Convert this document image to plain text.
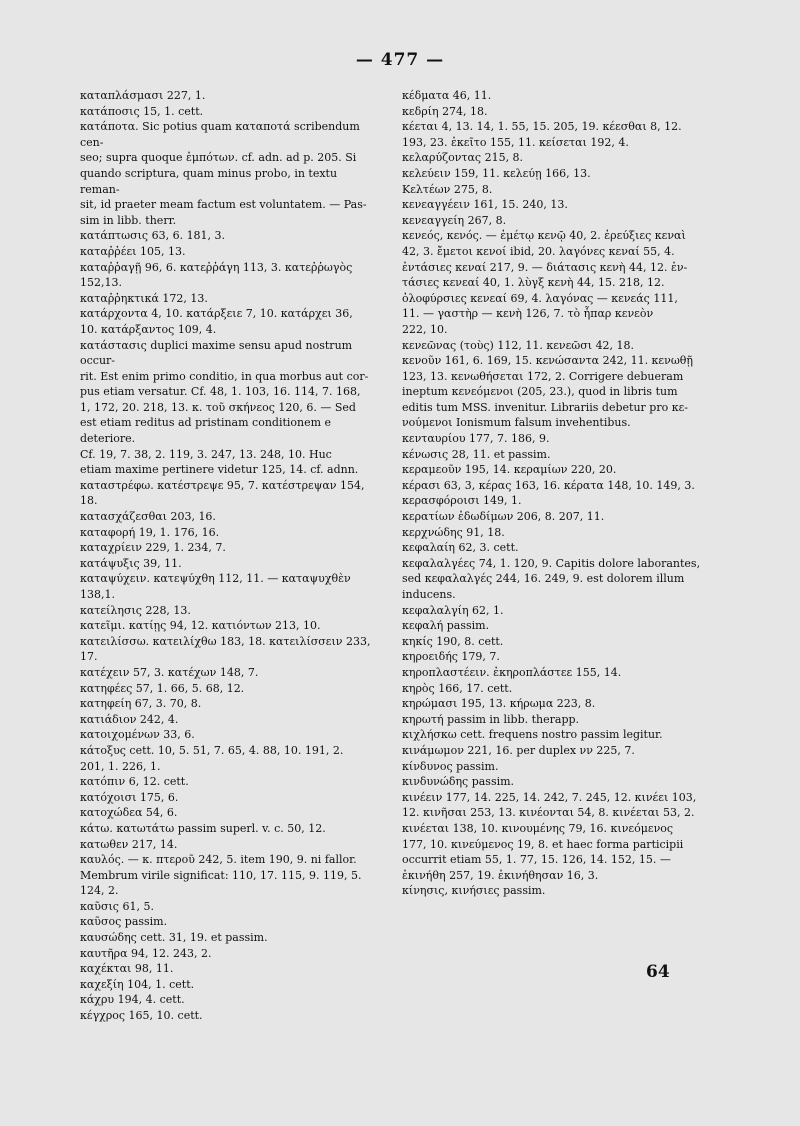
— 477 —
καταπλάσμασι 227, 1.
κατάποσις 15, 1. cett.
κατάποτα. Sic potius quam καταποτά scribendum cen-
seo; supra quoque ἐμπότων. cf. adn. ad p. 205. Si
quando scriptura, quam minus probo, in textu reman-
sit, id praeter meam factum est voluntatem. — Pas-
sim in libb. therr.
κατάπτωσις 63, 6. 181, 3.
καταῤῥέει 105, 13.
καταῤῥαγῇ 96, 6. κατεῤῥάγη 113, 3. κατεῤῥωγὸς 152,13.
καταῤῥηκτικά 172, 13.
κατάρχοντα 4, 10. κατάρξειε 7, 10. κατάρχει 36,
10. κατάρξαντος 109, 4.
κατάστασις duplici maxime sensu apud nostrum occur-
rit. Est enim primo conditio, in qua morbus aut cor-
pus etiam versatur. Cf. 48, 1. 103, 16. 114, 7. 168,
1, 172, 20. 218, 13. κ. τοῦ σκήνεος 120, 6. — Sed
est etiam reditus ad pristinam conditionem e deteriore.
Cf. 19, 7. 38, 2. 119, 3. 247, 13. 248, 10. Huc
etiam maxime pertinere videtur 125, 14. cf. adnn.
καταστρέφω. κατέστρεψε 95, 7. κατέστρεψαν 154, 18.
κατασχάζεσθαι 203, 16.
καταφορή 19, 1. 176, 16.
καταχρίειν 229, 1. 234, 7.
κατάψυξις 39, 11.
καταψύχειν. κατεψύχθη 112, 11. — καταψυχθὲν 138,1.
κατείλησις 228, 13.
κατεῖμι. κατίῃς 94, 12. κατιόντων 213, 10.
κατειλίσσω. κατειλίχθω 183, 18. κατειλίσσειν 233, 17.
κατέχειν 57, 3. κατέχων 148, 7.
κατηφέες 57, 1. 66, 5. 68, 12.
κατηφείη 67, 3. 70, 8.
κατιάδιον 242, 4.
κατοιχομένων 33, 6.
κάτοξυς cett. 10, 5. 51, 7. 65, 4. 88, 10. 191, 2.
201, 1. 226, 1.
κατόπιν 6, 12. cett.
κατόχοισι 175, 6.
κατοχώδεα 54, 6.
κάτω. κατωτάτω passim superl. v. c. 50, 12.
κατωθεν 217, 14.
καυλός. — κ. πτεροῦ 242, 5. item 190, 9. ni fallor.
Membrum virile significat: 110, 17. 115, 9. 119, 5.
124, 2.
καῦσις 61, 5.
καῦσος passim.
καυσώδης cett. 31, 19. et passim.
καυτῆρα 94, 12. 243, 2.
καχέκται 98, 11.
καχεξίη 104, 1. cett.
κάχρυ 194, 4. cett.
κέγχρος 165, 10. cett.
κέδματα 46, 11.
κεδρίη 274, 18.
κέεται 4, 13. 14, 1. 55, 15. 205, 19. κέεσθαι 8, 12.
193, 23. ἐκεῖτο 155, 11. κείσεται 192, 4.
κελαρύζοντας 215, 8.
κελεύειν 159, 11. κελεύῃ 166, 13.
Κελτέων 275, 8.
κενεαγγέειν 161, 15. 240, 13.
κενεαγγείη 267, 8.
κενεός, κενός. — ἐμέτῳ κενῷ 40, 2. ἐρεύξιες κεναὶ
42, 3. ἔμετοι κενοί ibid, 20. λαγόνες κεναί 55, 4.
ἐντάσιες κεναί 217, 9. — διάτασις κενὴ 44, 12. ἐν-
τάσιες κενεαί 40, 1. λὺγξ κενὴ 44, 15. 218, 12.
ὀλοφύρσιες κενεαί 69, 4. λαγόνας — κενεάς 111,
11. — γαστὴρ — κενὴ 126, 7. τὸ ἧπαρ κενεὸν
222, 10.
κενεῶνας (τοὺς) 112, 11. κενεῶσι 42, 18.
κενοῦν 161, 6. 169, 15. κενώσαντα 242, 11. κενωθῇ
123, 13. κενωθήσεται 172, 2. Corrigere debueram
ineptum κενεόμενοι (205, 23.), quod in libris tum
editis tum MSS. invenitur. Librariis debetur pro κε-
νούμενοι Ionismum falsum invehentibus.
κενταυρίου 177, 7. 186, 9.
κένωσις 28, 11. et passim.
κεραμεοῦν 195, 14. κεραμίων 220, 20.
κέρασι 63, 3, κέρας 163, 16. κέρατα 148, 10. 149, 3.
κερασφόροισι 149, 1.
κερατίων ἐδωδίμων 206, 8. 207, 11.
κερχνώδης 91, 18.
κεφαλαίη 62, 3. cett.
κεφαλαλγέες 74, 1. 120, 9. Capitis dolore laborantes,
sed κεφαλαλγές 244, 16. 249, 9. est dolorem illum
inducens.
κεφαλαλγίη 62, 1.
κεφαλή passim.
κηκίς 190, 8. cett.
κηροειδής 179, 7.
κηροπλαστέειν. ἐκηροπλάστεε 155, 14.
κηρὸς 166, 17. cett.
κηρώμασι 195, 13. κήρωμα 223, 8.
κηρωτή passim in libb. therapp.
κιχλήσκω cett. frequens nostro passim legitur.
κινάμωμον 221, 16. per duplex νν 225, 7.
κίνδυνος passim.
κινδυνώδης passim.
κινέειν 177, 14. 225, 14. 242, 7. 245, 12. κινέει 103,
12. κινῆσαι 253, 13. κινέονται 54, 8. κινέεται 53, 2.
κινέεται 138, 10. κινουμένης 79, 16. κινεόμενος
177, 10. κινεύμενος 19, 8. et haec forma participii
occurrit etiam 55, 1. 77, 15. 126, 14. 152, 15. —
ἐκινήθη 257, 19. ἐκινήθησαν 16, 3.
κίνησις, κινήσιες passim.
64
